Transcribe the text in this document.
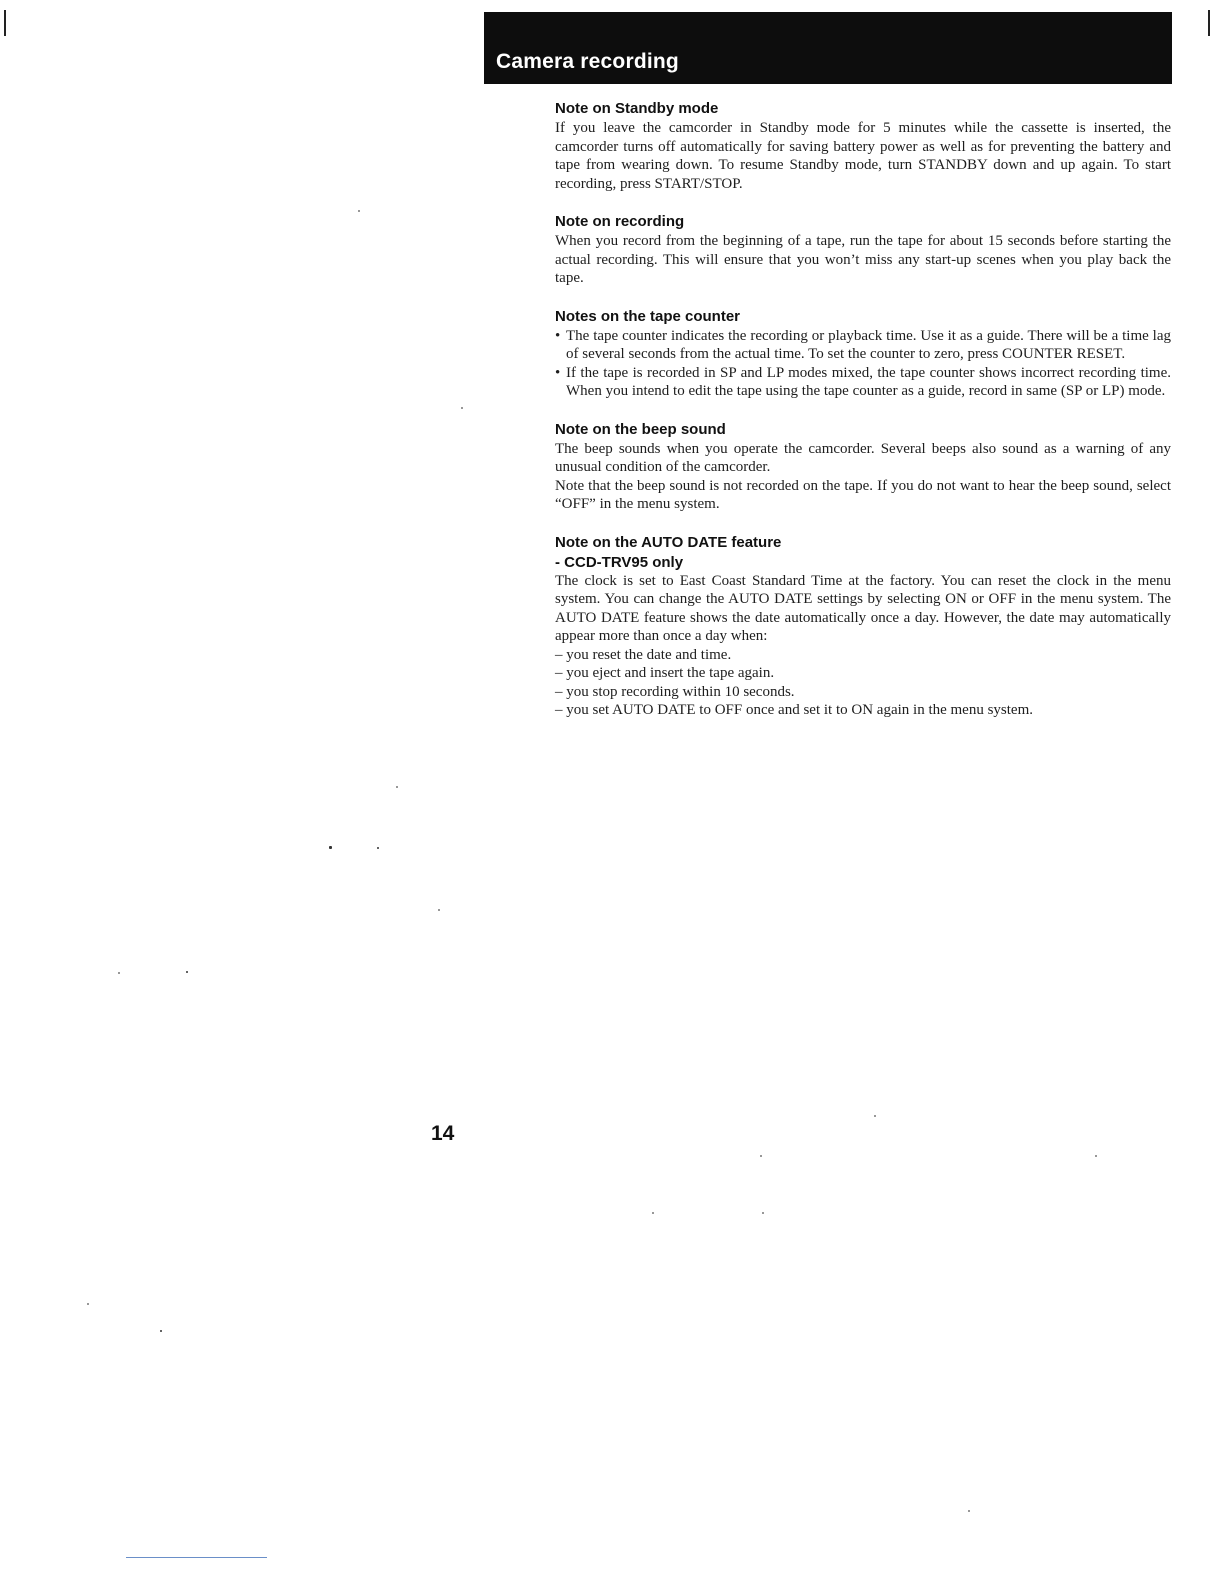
Camera recording
Note on Standby mode

If you leave the camcorder in Standby mode for 5 minutes while the cassette is inserted, the camcorder turns off automatically for saving battery power as well as for preventing the battery and tape from wearing down. To resume Standby mode, turn STANDBY down and up again. To start recording, press START/STOP.

Note on recording

When you record from the beginning of a tape, run the tape for about 15 seconds before starting the actual recording. This will ensure that you won’t miss any start-up scenes when you play back the tape.

Notes on the tape counter
• The tape counter indicates the recording or playback time. Use it as a guide. There will be a time lag of several seconds from the actual time. To set the counter to zero, press COUNTER RESET.
• If the tape is recorded in SP and LP modes mixed, the tape counter shows incorrect recording time. When you intend to edit the tape using the tape counter as a guide, record in same (SP or LP) mode.
Note on the beep sound

The beep sounds when you operate the camcorder. Several beeps also sound as a warning of any unusual condition of the camcorder.

Note that the beep sound is not recorded on the tape. If you do not want to hear the beep sound, select “OFF” in the menu system.

Note on the AUTO DATE feature
- CCD-TRV95 only

The clock is set to East Coast Standard Time at the factory. You can reset the clock in the menu system. You can change the AUTO DATE settings by selecting ON or OFF in the menu system. The AUTO DATE feature shows the date automatically once a day. However, the date may automatically appear more than once a day when:

– you reset the date and time.
– you eject and insert the tape again.
– you stop recording within 10 seconds.
– you set AUTO DATE to OFF once and set it to ON again in the menu system.

14
